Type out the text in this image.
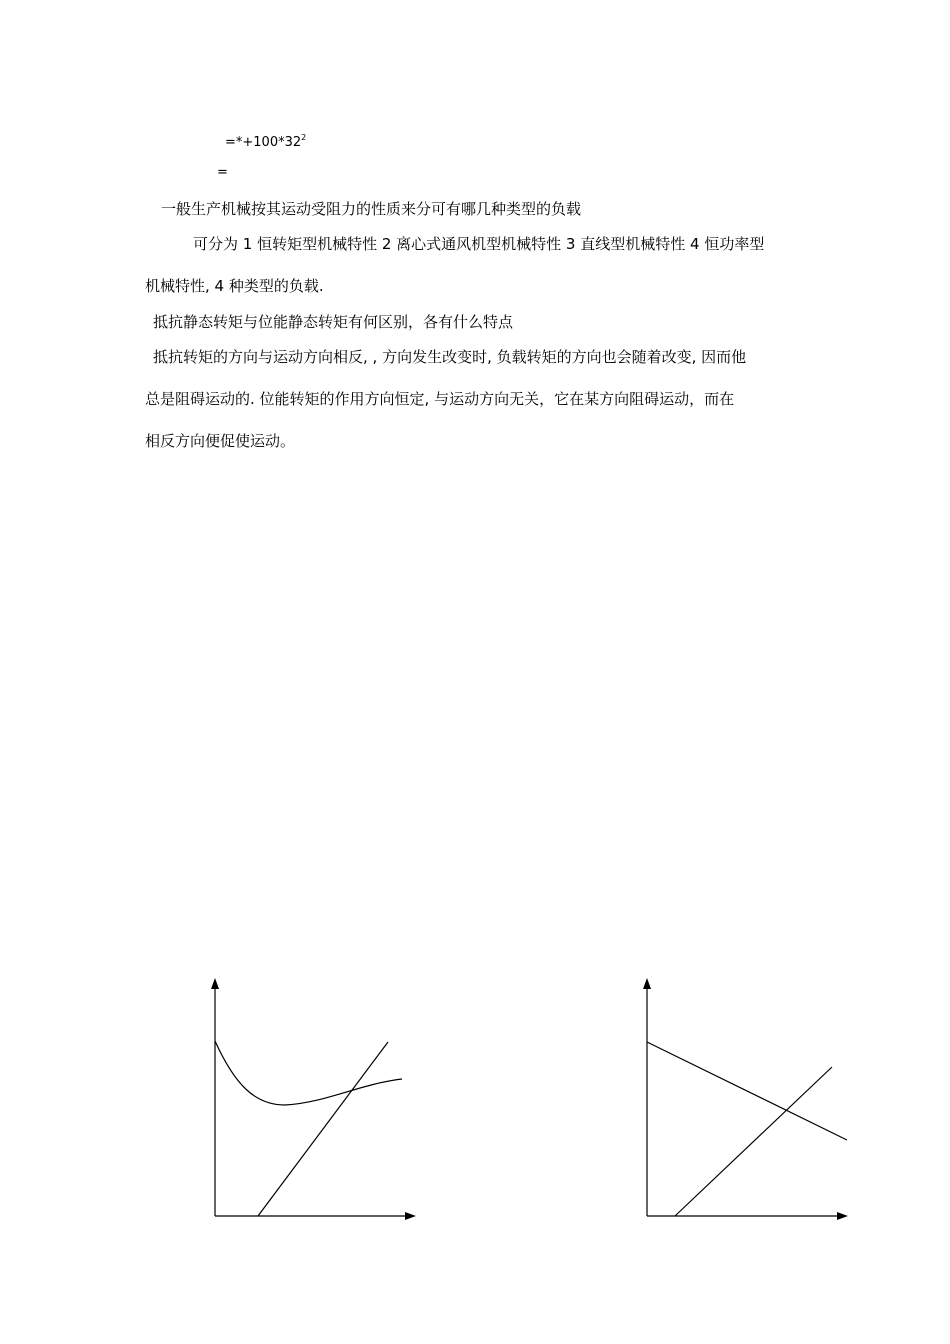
$=*+100*32^2$
=
一般生产机械按其运动受阻力的性质来分可有哪几种类型的负载
可分为 1 恒转矩型机械特性 2 离心式通风机型机械特性 3 直线型机械特性 4 恒功率型
机械特性, 4 种类型的负载.
抵抗静态转矩与位能静态转矩有何区别，各有什么特点
抵抗转矩的方向与运动方向相反, , 方向发生改变时, 负载转矩的方向也会随着改变, 因而他
总是阻碍运动的. 位能转矩的作用方向恒定, 与运动方向无关，它在某方向阻碍运动，而在
相反方向便促使运动。
